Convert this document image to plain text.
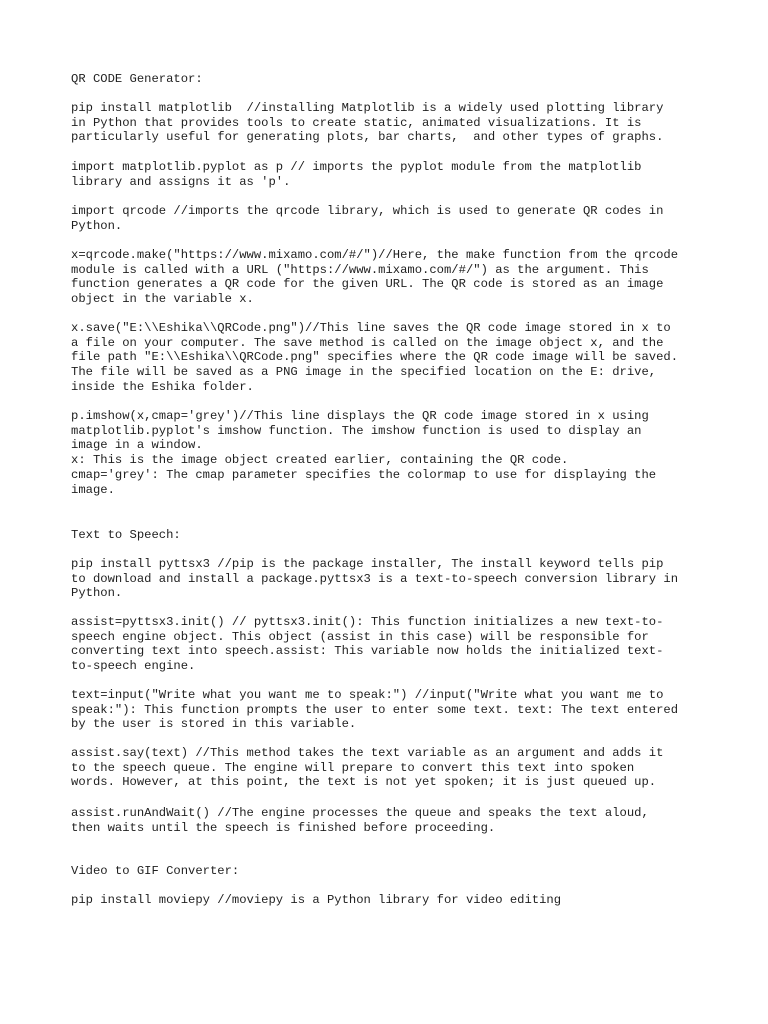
QR CODE Generator:
pip install matplotlib  //installing Matplotlib is a widely used plotting library
in Python that provides tools to create static, animated visualizations. It is
particularly useful for generating plots, bar charts,  and other types of graphs.
import matplotlib.pyplot as p // imports the pyplot module from the matplotlib
library and assigns it as 'p'.
import qrcode //imports the qrcode library, which is used to generate QR codes in
Python.
x=qrcode.make("https://www.mixamo.com/#/")//Here, the make function from the qrcode
module is called with a URL ("https://www.mixamo.com/#/") as the argument. This
function generates a QR code for the given URL. The QR code is stored as an image
object in the variable x.
x.save("E:\\Eshika\\QRCode.png")//This line saves the QR code image stored in x to
a file on your computer. The save method is called on the image object x, and the
file path "E:\\Eshika\\QRCode.png" specifies where the QR code image will be saved.
The file will be saved as a PNG image in the specified location on the E: drive,
inside the Eshika folder.
p.imshow(x,cmap='grey')//This line displays the QR code image stored in x using
matplotlib.pyplot's imshow function. The imshow function is used to display an
image in a window.
x: This is the image object created earlier, containing the QR code.
cmap='grey': The cmap parameter specifies the colormap to use for displaying the
image.
Text to Speech:
pip install pyttsx3 //pip is the package installer, The install keyword tells pip
to download and install a package.pyttsx3 is a text-to-speech conversion library in
Python.
assist=pyttsx3.init() // pyttsx3.init(): This function initializes a new text-to-
speech engine object. This object (assist in this case) will be responsible for
converting text into speech.assist: This variable now holds the initialized text-
to-speech engine.
text=input("Write what you want me to speak:") //input("Write what you want me to
speak:"): This function prompts the user to enter some text. text: The text entered
by the user is stored in this variable.
assist.say(text) //This method takes the text variable as an argument and adds it
to the speech queue. The engine will prepare to convert this text into spoken
words. However, at this point, the text is not yet spoken; it is just queued up.
assist.runAndWait() //The engine processes the queue and speaks the text aloud,
then waits until the speech is finished before proceeding.
Video to GIF Converter:
pip install moviepy //moviepy is a Python library for video editing
